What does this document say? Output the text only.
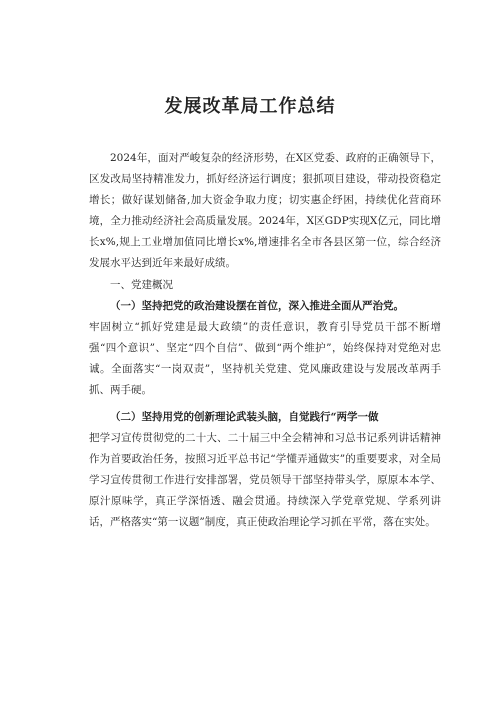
发展改革局工作总结

2024年，面对严峻复杂的经济形势，在X区党委、政府的正确领导下，区发改局坚持精准发力，抓好经济运行调度；狠抓项目建设，带动投资稳定增长；做好谋划储备,加大资金争取力度；切实惠企纾困，持续优化营商环境，全力推动经济社会高质量发展。2024年，X区GDP实现X亿元，同比增长x%,规上工业增加值同比增长x%,增速排名全市各县区第一位，综合经济发展水平达到近年来最好成绩。

一、党建概况

（一）坚持把党的政治建设摆在首位，深入推进全面从严治党。

牢固树立“抓好党建是最大政绩”的责任意识，教育引导党员干部不断增强“四个意识”、坚定“四个自信”、做到“两个维护”，始终保持对党绝对忠诚。全面落实“一岗双责”，坚持机关党建、党风廉政建设与发展改革两手抓、两手硬。

（二）坚持用党的创新理论武装头脑，自觉践行“两学一做

把学习宣传贯彻党的二十大、二十届三中全会精神和习总书记系列讲话精神作为首要政治任务，按照习近平总书记“学懂弄通做实”的重要要求，对全局学习宣传贯彻工作进行安排部署，党员领导干部坚持带头学，原原本本学、原汁原味学，真正学深悟透、融会贯通。持续深入学党章党规、学系列讲话，严格落实“第一议题”制度，真正使政治理论学习抓在平常，落在实处。
